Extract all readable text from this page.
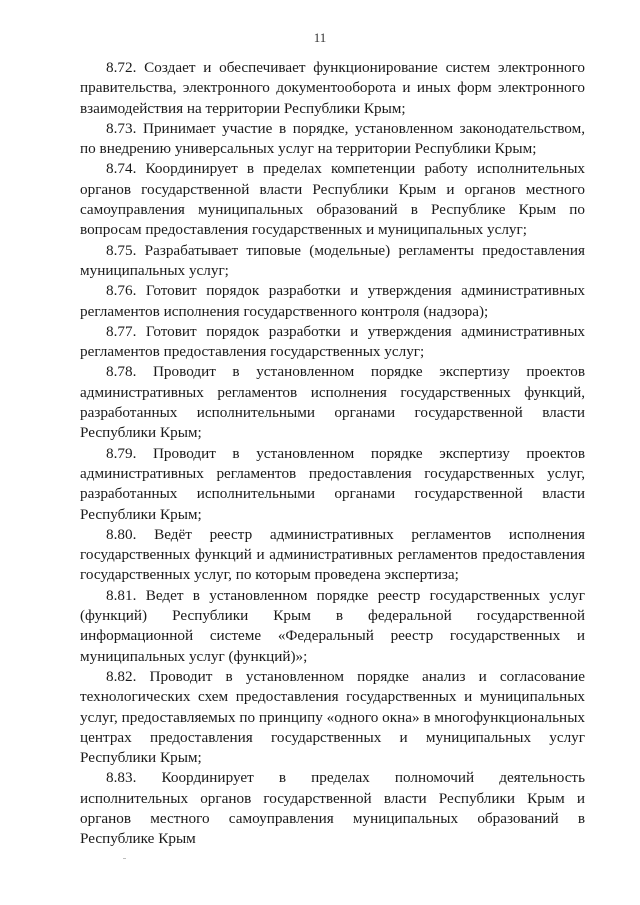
11

8.72. Создает и обеспечивает функционирование систем электронного правительства, электронного документооборота и иных форм электронного взаимодействия на территории Республики Крым;

8.73. Принимает участие в порядке, установленном законодательством, по внедрению универсальных услуг на территории Республики Крым;

8.74. Координирует в пределах компетенции работу исполнительных органов государственной власти Республики Крым и органов местного самоуправления муниципальных образований в Республике Крым по вопросам предоставления государственных и муниципальных услуг;

8.75. Разрабатывает типовые (модельные) регламенты предоставления муниципальных услуг;

8.76. Готовит порядок разработки и утверждения административных регламентов исполнения государственного контроля (надзора);

8.77. Готовит порядок разработки и утверждения административных регламентов предоставления государственных услуг;

8.78. Проводит в установленном порядке экспертизу проектов административных регламентов исполнения государственных функций, разработанных исполнительными органами государственной власти Республики Крым;

8.79. Проводит в установленном порядке экспертизу проектов административных регламентов предоставления государственных услуг, разработанных исполнительными органами государственной власти Республики Крым;

8.80. Ведёт реестр административных регламентов исполнения государственных функций и административных регламентов предоставления государственных услуг, по которым проведена экспертиза;

8.81. Ведет в установленном порядке реестр государственных услуг (функций) Республики Крым в федеральной государственной информационной системе «Федеральный реестр государственных и муниципальных услуг (функций)»;

8.82. Проводит в установленном порядке анализ и согласование технологических схем предоставления государственных и муниципальных услуг, предоставляемых по принципу «одного окна» в многофункциональных центрах предоставления государственных и муниципальных услуг Республики Крым;

8.83. Координирует в пределах полномочий деятельность исполнительных органов государственной власти Республики Крым и органов местного самоуправления муниципальных образований в Республике Крым
